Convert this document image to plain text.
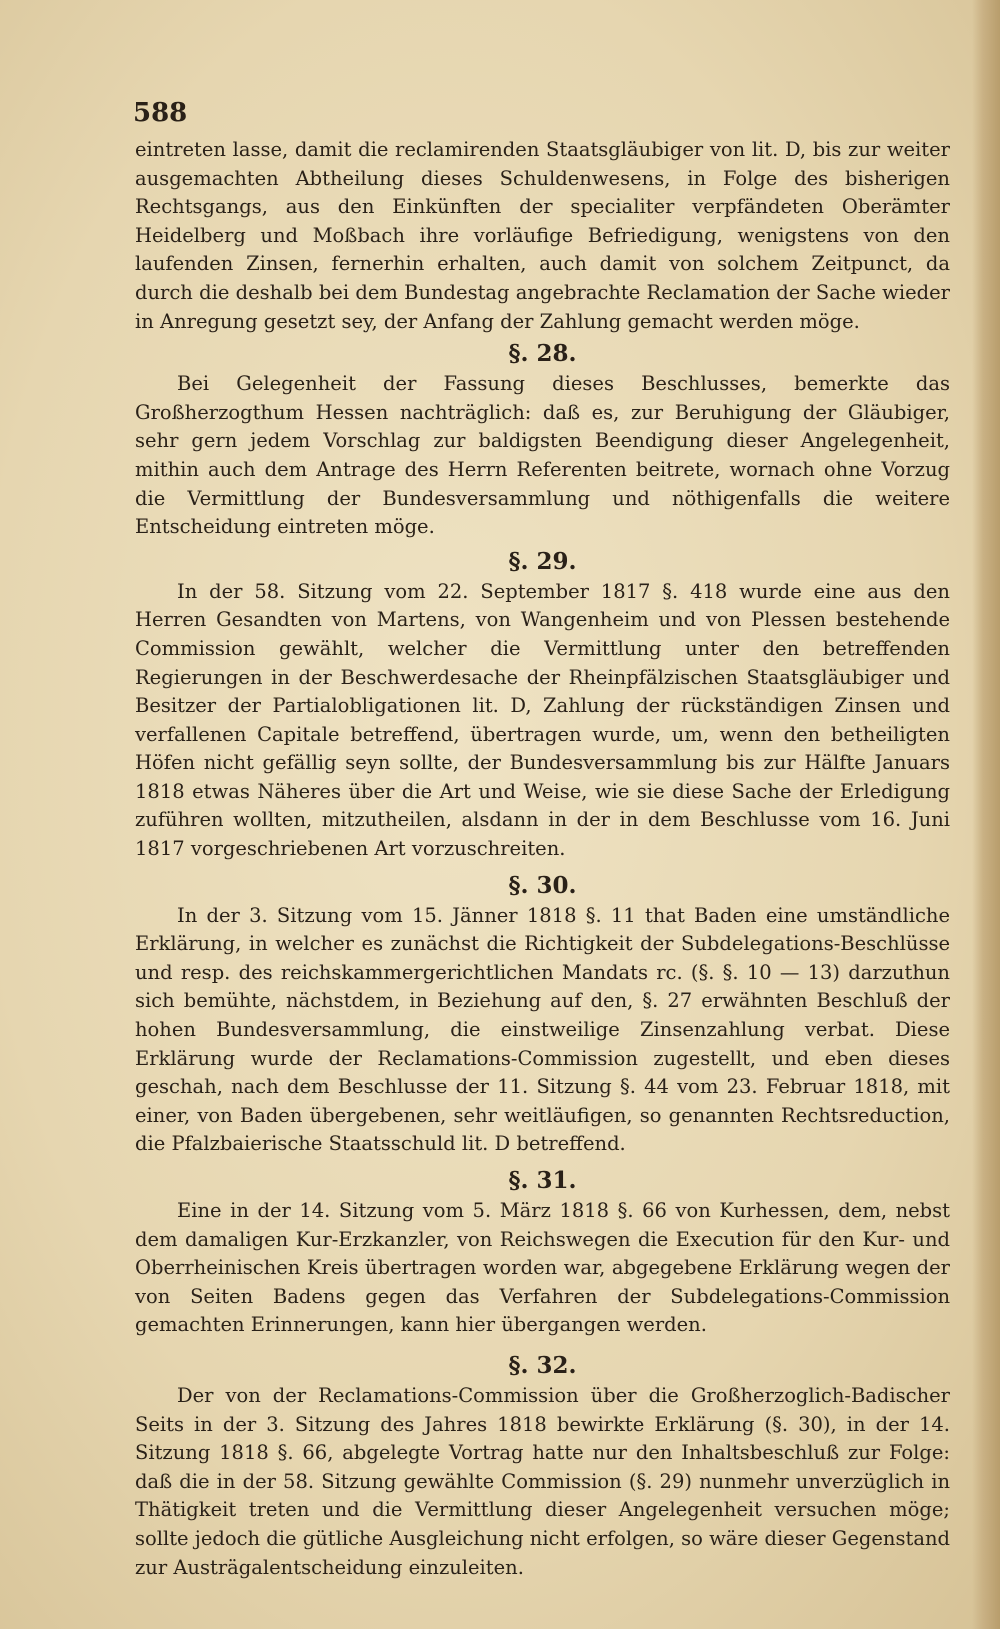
588

eintreten lasse, damit die reclamirenden Staatsgläubiger von lit. D, bis zur weiter ausgemachten Abtheilung dieses Schuldenwesens, in Folge des bisherigen Rechtsgangs, aus den Einkünften der specialiter verpfändeten Oberämter Heidelberg und Moßbach ihre vorläufige Befriedigung, wenigstens von den laufenden Zinsen, fernerhin erhalten, auch damit von solchem Zeitpunct, da durch die deshalb bei dem Bundestag angebrachte Reclamation der Sache wieder in Anregung gesetzt sey, der Anfang der Zahlung gemacht werden möge.

§. 28.

Bei Gelegenheit der Fassung dieses Beschlusses, bemerkte das Großherzogthum Hessen nachträglich: daß es, zur Beruhigung der Gläubiger, sehr gern jedem Vorschlag zur baldigsten Beendigung dieser Angelegenheit, mithin auch dem Antrage des Herrn Referenten beitrete, wornach ohne Vorzug die Vermittlung der Bundesversammlung und nöthigenfalls die weitere Entscheidung eintreten möge.

§. 29.

In der 58. Sitzung vom 22. September 1817 §. 418 wurde eine aus den Herren Gesandten von Martens, von Wangenheim und von Plessen bestehende Commission gewählt, welcher die Vermittlung unter den betreffenden Regierungen in der Beschwerdesache der Rheinpfälzischen Staatsgläubiger und Besitzer der Partialobligationen lit. D, Zahlung der rückständigen Zinsen und verfallenen Capitale betreffend, übertragen wurde, um, wenn den betheiligten Höfen nicht gefällig seyn sollte, der Bundesversammlung bis zur Hälfte Januars 1818 etwas Näheres über die Art und Weise, wie sie diese Sache der Erledigung zuführen wollten, mitzutheilen, alsdann in der in dem Beschlusse vom 16. Juni 1817 vorgeschriebenen Art vorzuschreiten.

§. 30.

In der 3. Sitzung vom 15. Jänner 1818 §. 11 that Baden eine umständliche Erklärung, in welcher es zunächst die Richtigkeit der Subdelegations-Beschlüsse und resp. des reichskammergerichtlichen Mandats rc. (§. §. 10 — 13) darzuthun sich bemühte, nächstdem, in Beziehung auf den, §. 27 erwähnten Beschluß der hohen Bundesversammlung, die einstweilige Zinsenzahlung verbat. Diese Erklärung wurde der Reclamations-Commission zugestellt, und eben dieses geschah, nach dem Beschlusse der 11. Sitzung §. 44 vom 23. Februar 1818, mit einer, von Baden übergebenen, sehr weitläufigen, so genannten Rechtsreduction, die Pfalzbaierische Staatsschuld lit. D betreffend.

§. 31.

Eine in der 14. Sitzung vom 5. März 1818 §. 66 von Kurhessen, dem, nebst dem damaligen Kur-Erzkanzler, von Reichswegen die Execution für den Kur- und Oberrheinischen Kreis übertragen worden war, abgegebene Erklärung wegen der von Seiten Badens gegen das Verfahren der Subdelegations-Commission gemachten Erinnerungen, kann hier übergangen werden.

§. 32.

Der von der Reclamations-Commission über die Großherzoglich-Badischer Seits in der 3. Sitzung des Jahres 1818 bewirkte Erklärung (§. 30), in der 14. Sitzung 1818 §. 66, abgelegte Vortrag hatte nur den Inhaltsbeschluß zur Folge: daß die in der 58. Sitzung gewählte Commission (§. 29) nunmehr unverzüglich in Thätigkeit treten und die Vermittlung dieser Angelegenheit versuchen möge; sollte jedoch die gütliche Ausgleichung nicht erfolgen, so wäre dieser Gegenstand zur Austrägalentscheidung einzuleiten.
